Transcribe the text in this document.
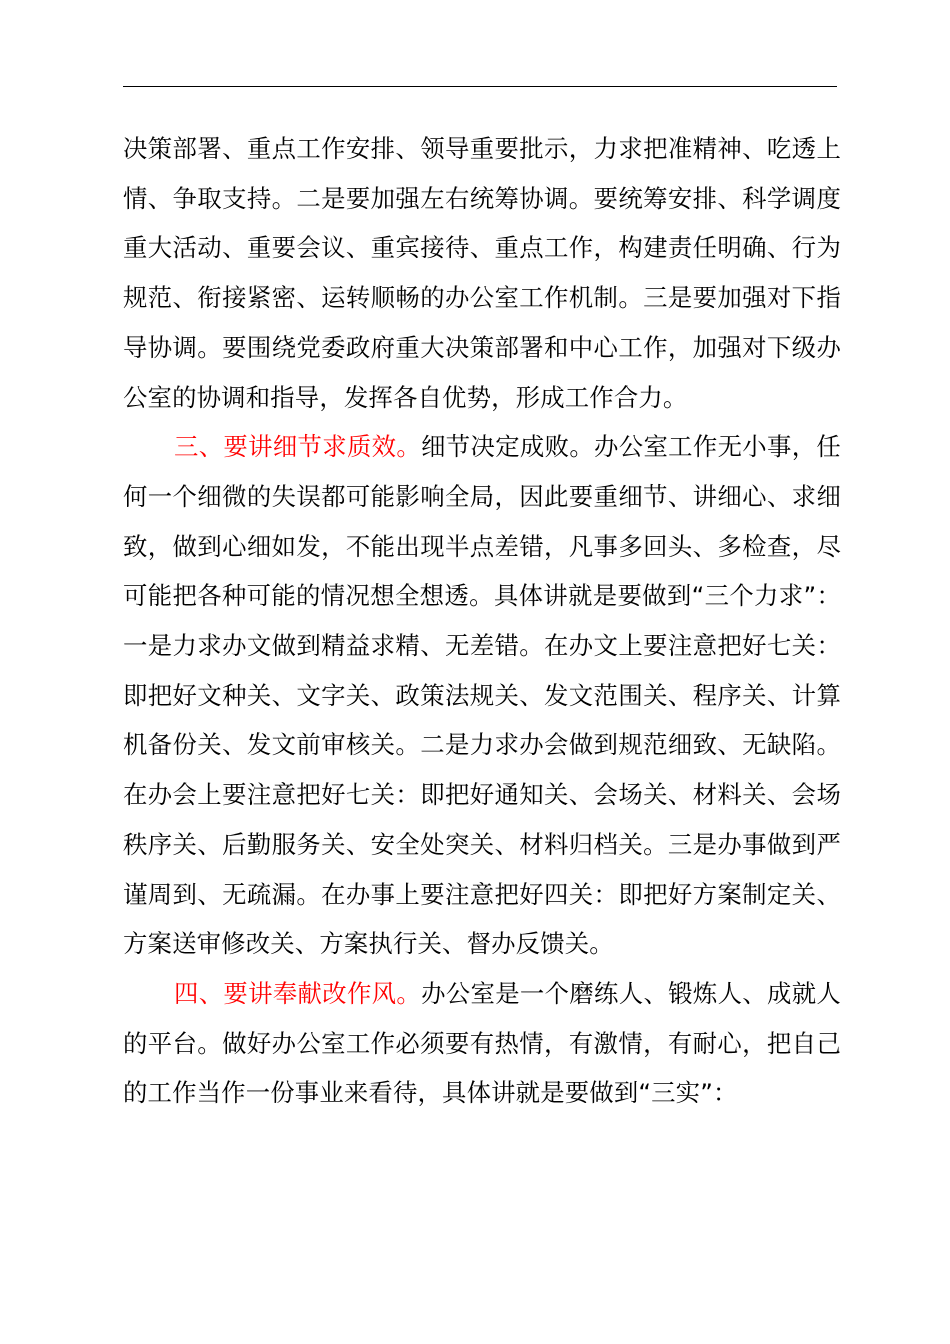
决策部署、重点工作安排、领导重要批示，力求把准精神、吃透上情、争取支持。二是要加强左右统筹协调。要统筹安排、科学调度重大活动、重要会议、重宾接待、重点工作，构建责任明确、行为规范、衔接紧密、运转顺畅的办公室工作机制。三是要加强对下指导协调。要围绕党委政府重大决策部署和中心工作，加强对下级办公室的协调和指导，发挥各自优势，形成工作合力。

三、要讲细节求质效。细节决定成败。办公室工作无小事，任何一个细微的失误都可能影响全局，因此要重细节、讲细心、求细致，做到心细如发，不能出现半点差错，凡事多回头、多检查，尽可能把各种可能的情况想全想透。具体讲就是要做到“三个力求”：一是力求办文做到精益求精、无差错。在办文上要注意把好七关：即把好文种关、文字关、政策法规关、发文范围关、程序关、计算机备份关、发文前审核关。二是力求办会做到规范细致、无缺陷。在办会上要注意把好七关：即把好通知关、会场关、材料关、会场秩序关、后勤服务关、安全处突关、材料归档关。三是办事做到严谨周到、无疏漏。在办事上要注意把好四关：即把好方案制定关、方案送审修改关、方案执行关、督办反馈关。

四、要讲奉献改作风。办公室是一个磨练人、锻炼人、成就人的平台。做好办公室工作必须要有热情，有激情，有耐心，把自己的工作当作一份事业来看待，具体讲就是要做到“三实”：
